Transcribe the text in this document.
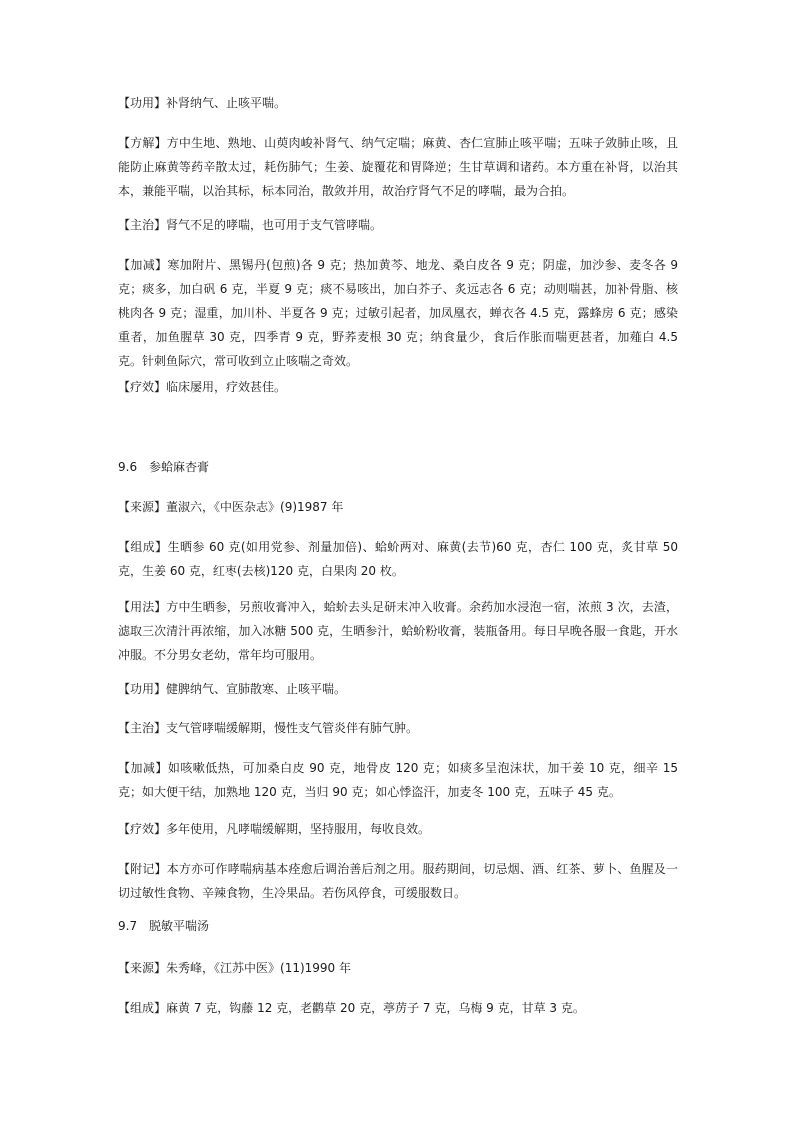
【功用】补肾纳气、止咳平喘。

【方解】方中生地、熟地、山萸肉峻补肾气、纳气定喘；麻黄、杏仁宣肺止咳平喘；五味子敛肺止咳，且能防止麻黄等药辛散太过，耗伤肺气；生姜、旋覆花和胃降逆；生甘草调和诸药。本方重在补肾，以治其本，兼能平喘，以治其标，标本同治，散敛并用，故治疗肾气不足的哮喘，最为合拍。

【主治】肾气不足的哮喘，也可用于支气管哮喘。

【加减】寒加附片、黑锡丹(包煎)各 9 克；热加黄芩、地龙、桑白皮各 9 克；阴虚，加沙参、麦冬各 9 克；痰多，加白矾 6 克，半夏 9 克；痰不易咳出，加白芥子、炙远志各 6 克；动则喘甚，加补骨脂、核桃肉各 9 克；湿重，加川朴、半夏各 9 克；过敏引起者，加凤凰衣，蝉衣各 4.5 克，露蜂房 6 克；感染重者，加鱼腥草 30 克，四季青 9 克，野荞麦根 30 克；纳食量少，食后作胀而喘更甚者，加薤白 4.5 克。针刺鱼际穴，常可收到立止咳喘之奇效。

【疗效】临床屡用，疗效甚佳。

9.6 参蛤麻杏膏

【来源】董淑六，《中医杂志》(9)1987 年

【组成】生晒参 60 克(如用党参、剂量加倍)、蛤蚧两对、麻黄(去节)60 克，杏仁 100 克，炙甘草 50 克，生姜 60 克，红枣(去核)120 克，白果肉 20 枚。

【用法】方中生晒参，另煎收膏冲入，蛤蚧去头足研末冲入收膏。余药加水浸泡一宿，浓煎 3 次，去渣，滤取三次清汁再浓缩，加入冰糖 500 克，生晒参汁，蛤蚧粉收膏，装瓶备用。每日早晚各服一食匙，开水冲服。不分男女老幼，常年均可服用。

【功用】健脾纳气、宣肺散寒、止咳平喘。

【主治】支气管哮喘缓解期，慢性支气管炎伴有肺气肿。

【加减】如咳嗽低热，可加桑白皮 90 克，地骨皮 120 克；如痰多呈泡沫状，加干姜 10 克，细辛 15 克；如大便干结，加熟地 120 克，当归 90 克；如心悸盗汗，加麦冬 100 克，五味子 45 克。

【疗效】多年使用，凡哮喘缓解期，坚持服用，每收良效。

【附记】本方亦可作哮喘病基本痊愈后调治善后剂之用。服药期间，切忌烟、酒、红茶、萝卜、鱼腥及一切过敏性食物、辛辣食物，生冷果品。若伤风停食，可缓服数日。

9.7 脱敏平喘汤

【来源】朱秀峰，《江苏中医》(11)1990 年

【组成】麻黄 7 克，钩藤 12 克，老鹳草 20 克，葶苈子 7 克，乌梅 9 克，甘草 3 克。
